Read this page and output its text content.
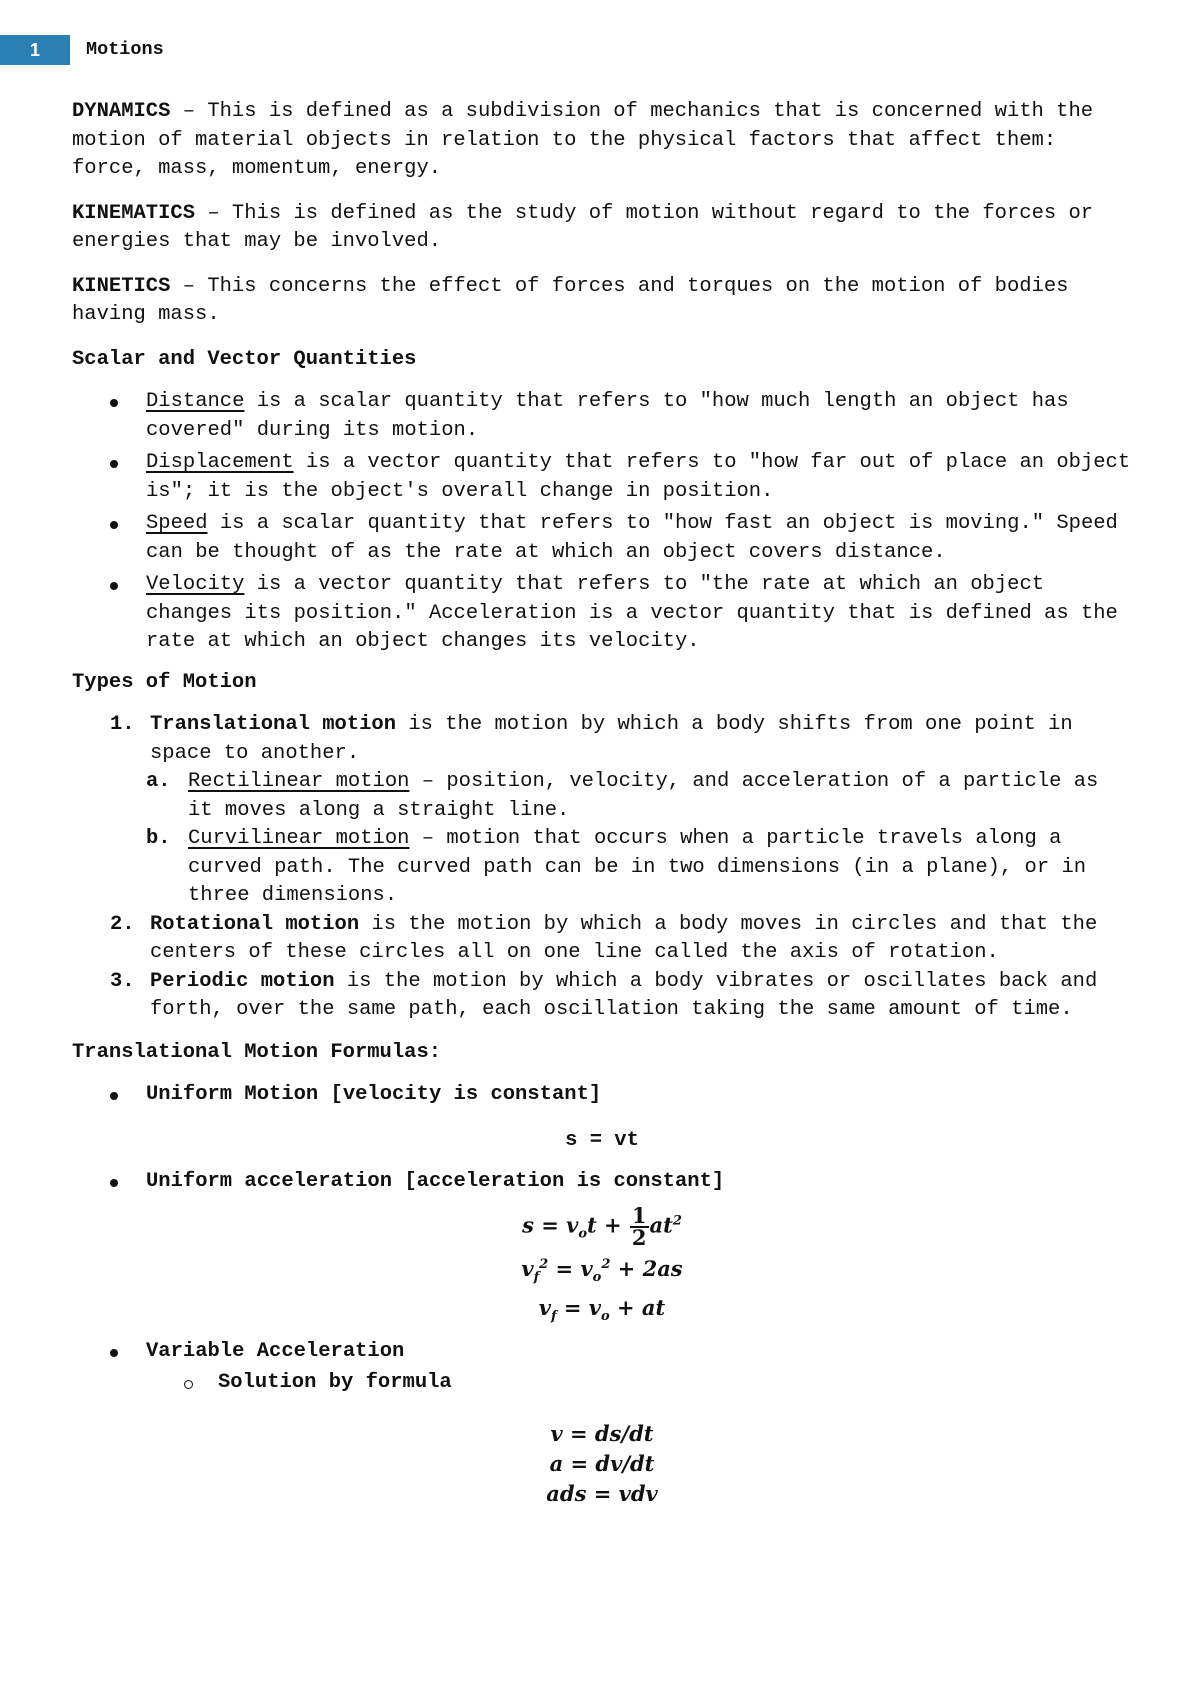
1	Motions

DYNAMICS – This is defined as a subdivision of mechanics that is concerned with the motion of material objects in relation to the physical factors that affect them: force, mass, momentum, energy.

KINEMATICS – This is defined as the study of motion without regard to the forces or energies that may be involved.

KINETICS – This concerns the effect of forces and torques on the motion of bodies having mass.

Scalar and Vector Quantities
Distance is a scalar quantity that refers to "how much length an object has covered" during its motion.
Displacement is a vector quantity that refers to "how far out of place an object is"; it is the object's overall change in position.
Speed is a scalar quantity that refers to "how fast an object is moving." Speed can be thought of as the rate at which an object covers distance.
Velocity is a vector quantity that refers to "the rate at which an object changes its position." Acceleration is a vector quantity that is defined as the rate at which an object changes its velocity.
Types of Motion
1. Translational motion is the motion by which a body shifts from one point in space to another.
a. Rectilinear motion – position, velocity, and acceleration of a particle as it moves along a straight line.
b. Curvilinear motion – motion that occurs when a particle travels along a curved path. The curved path can be in two dimensions (in a plane), or in three dimensions.
2. Rotational motion is the motion by which a body moves in circles and that the centers of these circles all on one line called the axis of rotation.
3. Periodic motion is the motion by which a body vibrates or oscillates back and forth, over the same path, each oscillation taking the same amount of time.
Translational Motion Formulas:
Uniform Motion [velocity is constant]
s = vt
Uniform acceleration [acceleration is constant]
$s = v_ot + \frac{1}{2} at^2$
$v_f^2 = v_o^2 + 2as$
$v_f = v_o$ + at
Variable Acceleration
Solution by formula
v = ds/dt
a = dv/dt
ads = vdv
